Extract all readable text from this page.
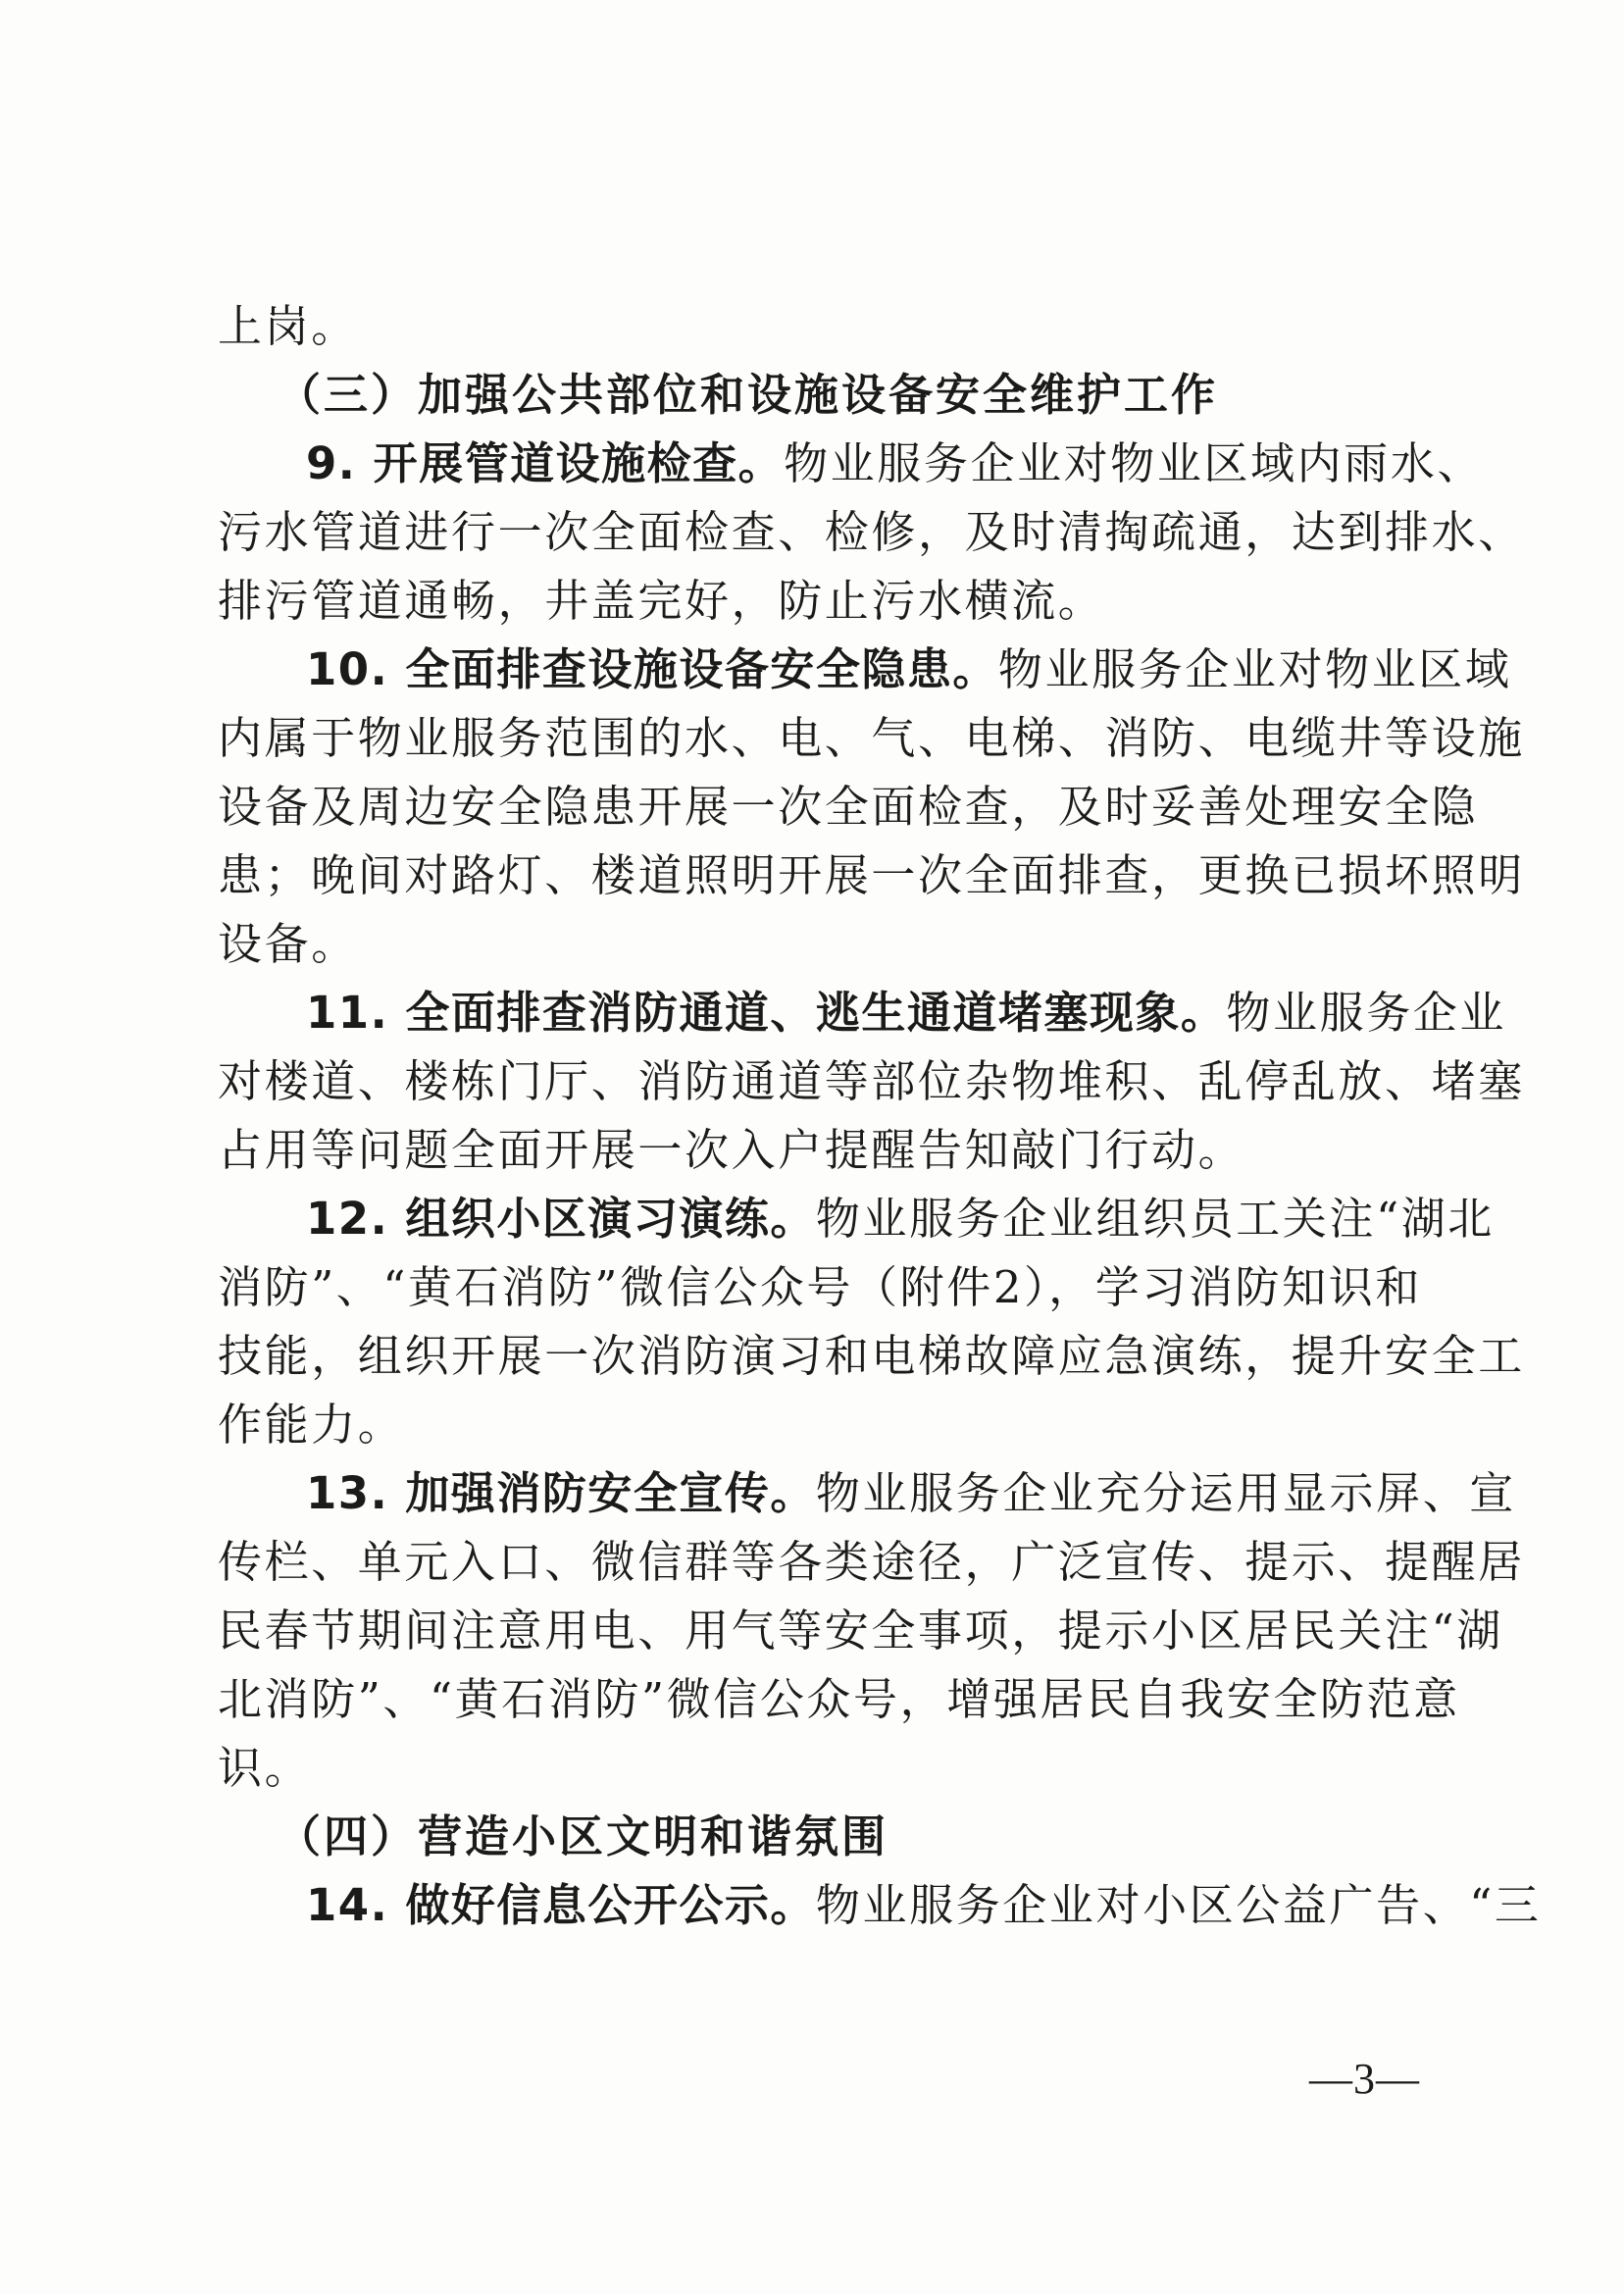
上岗。
（三）加强公共部位和设施设备安全维护工作
9. 开展管道设施检查。物业服务企业对物业区域内雨水、
污水管道进行一次全面检查、检修，及时清掏疏通，达到排水、
排污管道通畅，井盖完好，防止污水横流。
10. 全面排查设施设备安全隐患。物业服务企业对物业区域
内属于物业服务范围的水、电、气、电梯、消防、电缆井等设施
设备及周边安全隐患开展一次全面检查，及时妥善处理安全隐
患；晚间对路灯、楼道照明开展一次全面排查，更换已损坏照明
设备。
11. 全面排查消防通道、逃生通道堵塞现象。物业服务企业
对楼道、楼栋门厅、消防通道等部位杂物堆积、乱停乱放、堵塞
占用等问题全面开展一次入户提醒告知敲门行动。
12. 组织小区演习演练。物业服务企业组织员工关注“湖北
消防”、“黄石消防”微信公众号（附件2），学习消防知识和
技能，组织开展一次消防演习和电梯故障应急演练，提升安全工
作能力。
13. 加强消防安全宣传。物业服务企业充分运用显示屏、宣
传栏、单元入口、微信群等各类途径，广泛宣传、提示、提醒居
民春节期间注意用电、用气等安全事项，提示小区居民关注“湖
北消防”、“黄石消防”微信公众号，增强居民自我安全防范意
识。
（四）营造小区文明和谐氛围
14. 做好信息公开公示。物业服务企业对小区公益广告、“三
—3—
